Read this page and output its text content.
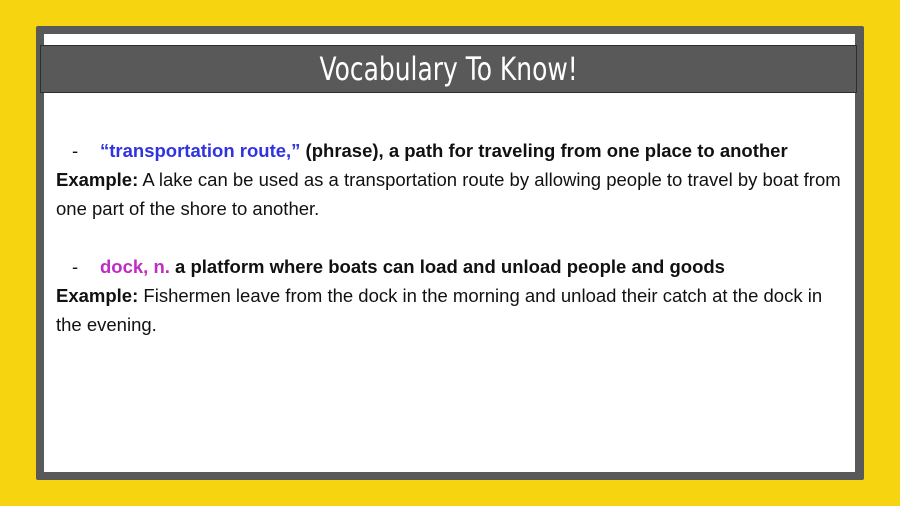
Vocabulary To Know!
- “transportation route,” (phrase), a path for traveling from one place to another
Example: A lake can be used as a transportation route by allowing people to travel by boat from one part of the shore to another.
- dock, n. a platform where boats can load and unload people and goods
Example: Fishermen leave from the dock in the morning and unload their catch at the dock in the evening.
